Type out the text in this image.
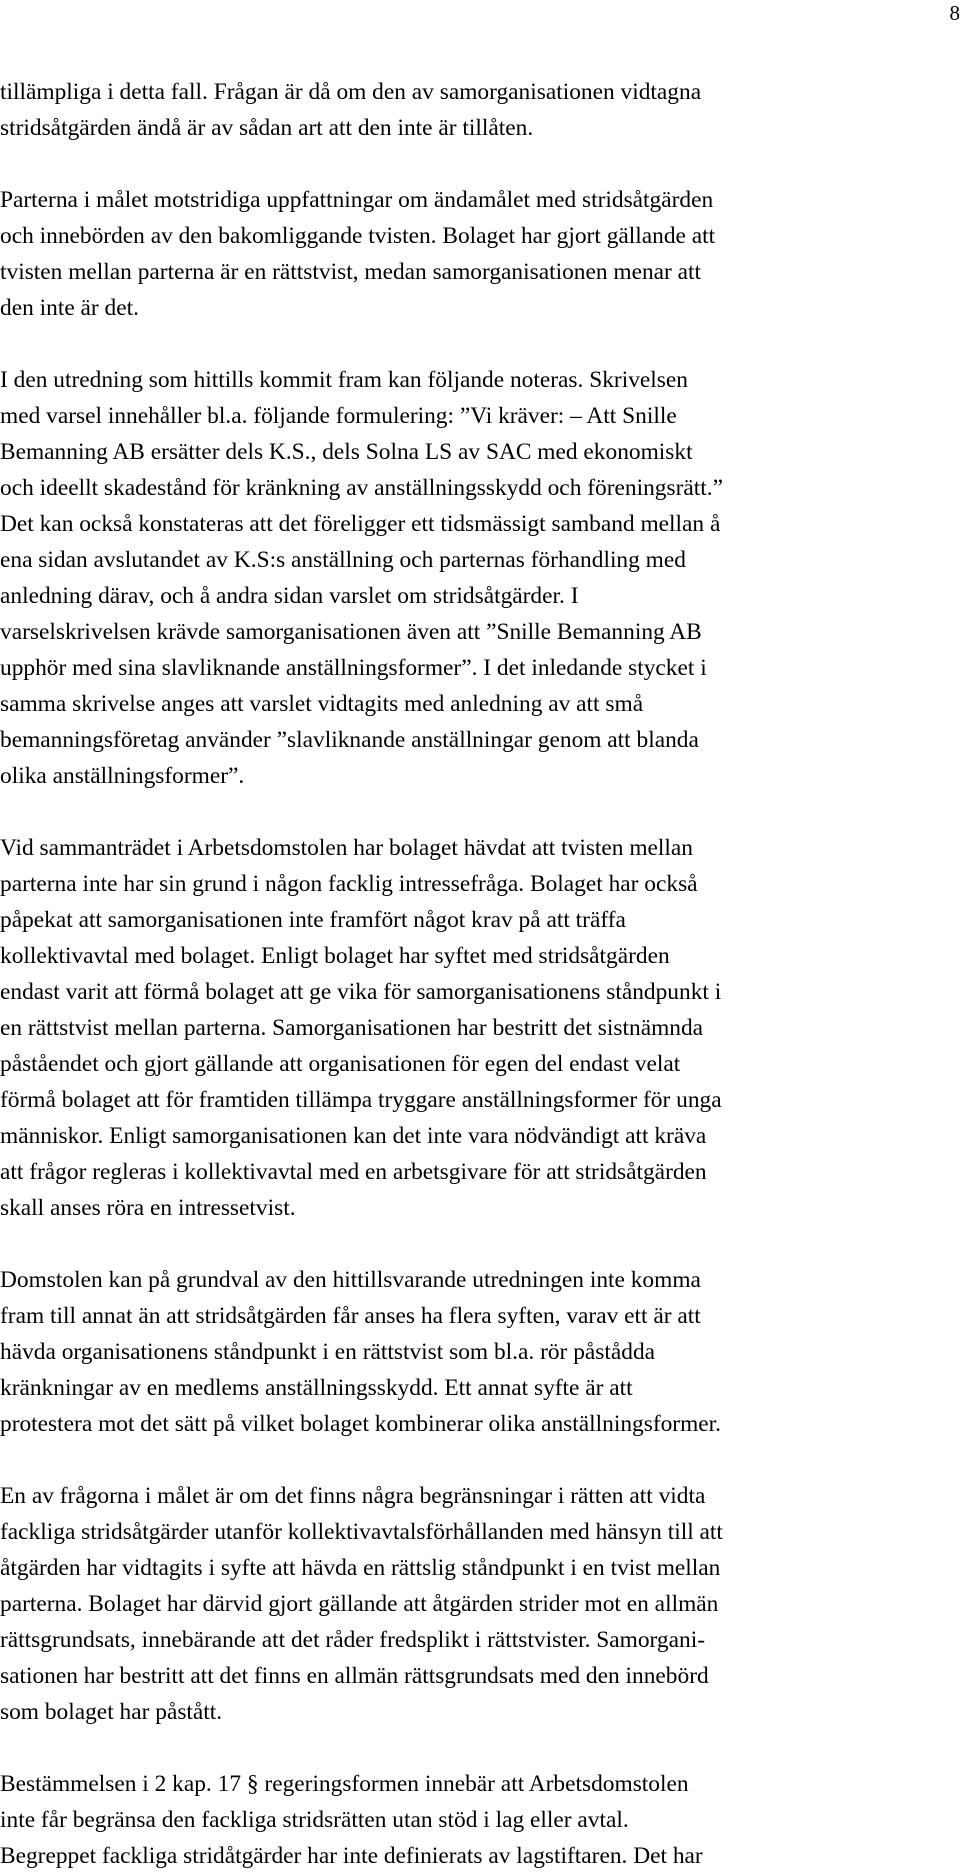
8
tillämpliga i detta fall. Frågan är då om den av samorganisationen vidtagna
stridsåtgärden ändå är av sådan art att den inte är tillåten.
Parterna i målet motstridiga uppfattningar om ändamålet med stridsåtgärden
och innebörden av den bakomliggande tvisten. Bolaget har gjort gällande att
tvisten mellan parterna är en rättstvist, medan samorganisationen menar att
den inte är det.
I den utredning som hittills kommit fram kan följande noteras. Skrivelsen
med varsel innehåller bl.a. följande formulering: ”Vi kräver: – Att Snille
Bemanning AB ersätter dels K.S., dels Solna LS av SAC med ekonomiskt
och ideellt skadestånd för kränkning av anställningsskydd och föreningsrätt.”
Det kan också konstateras att det föreligger ett tidsmässigt samband mellan å
ena sidan avslutandet av K.S:s anställning och parternas förhandling med
anledning därav, och å andra sidan varslet om stridsåtgärder. I
varselskrivelsen krävde samorganisationen även att ”Snille Bemanning AB
upphör med sina slavliknande anställningsformer”. I det inledande stycket i
samma skrivelse anges att varslet vidtagits med anledning av att små
bemanningsföretag använder ”slavliknande anställningar genom att blanda
olika anställningsformer”.
Vid sammanträdet i Arbetsdomstolen har bolaget hävdat att tvisten mellan
parterna inte har sin grund i någon facklig intressefråga. Bolaget har också
påpekat att samorganisationen inte framfört något krav på att träffa
kollektivavtal med bolaget. Enligt bolaget har syftet med stridsåtgärden
endast varit att förmå bolaget att ge vika för samorganisationens ståndpunkt i
en rättstvist mellan parterna. Samorganisationen har bestritt det sistnämnda
påståendet och gjort gällande att organisationen för egen del endast velat
förmå bolaget att för framtiden tillämpa tryggare anställningsformer för unga
människor. Enligt samorganisationen kan det inte vara nödvändigt att kräva
att frågor regleras i kollektivavtal med en arbetsgivare för att stridsåtgärden
skall anses röra en intressetvist.
Domstolen kan på grundval av den hittillsvarande utredningen inte komma
fram till annat än att stridsåtgärden får anses ha flera syften, varav ett är att
hävda organisationens ståndpunkt i en rättstvist som bl.a. rör påstådda
kränkningar av en medlems anställningsskydd. Ett annat syfte är att
protestera mot det sätt på vilket bolaget kombinerar olika anställningsformer.
En av frågorna i målet är om det finns några begränsningar i rätten att vidta
fackliga stridsåtgärder utanför kollektivavtalsförhållanden med hänsyn till att
åtgärden har vidtagits i syfte att hävda en rättslig ståndpunkt i en tvist mellan
parterna. Bolaget har därvid gjort gällande att åtgärden strider mot en allmän
rättsgrundsats, innebärande att det råder fredsplikt i rättstvister. Samorgani-
sationen har bestritt att det finns en allmän rättsgrundsats med den innebörd
som bolaget har påstått.
Bestämmelsen i 2 kap. 17 § regeringsformen innebär att Arbetsdomstolen
inte får begränsa den fackliga stridsrätten utan stöd i lag eller avtal.
Begreppet fackliga stridåtgärder har inte definierats av lagstiftaren. Det har
